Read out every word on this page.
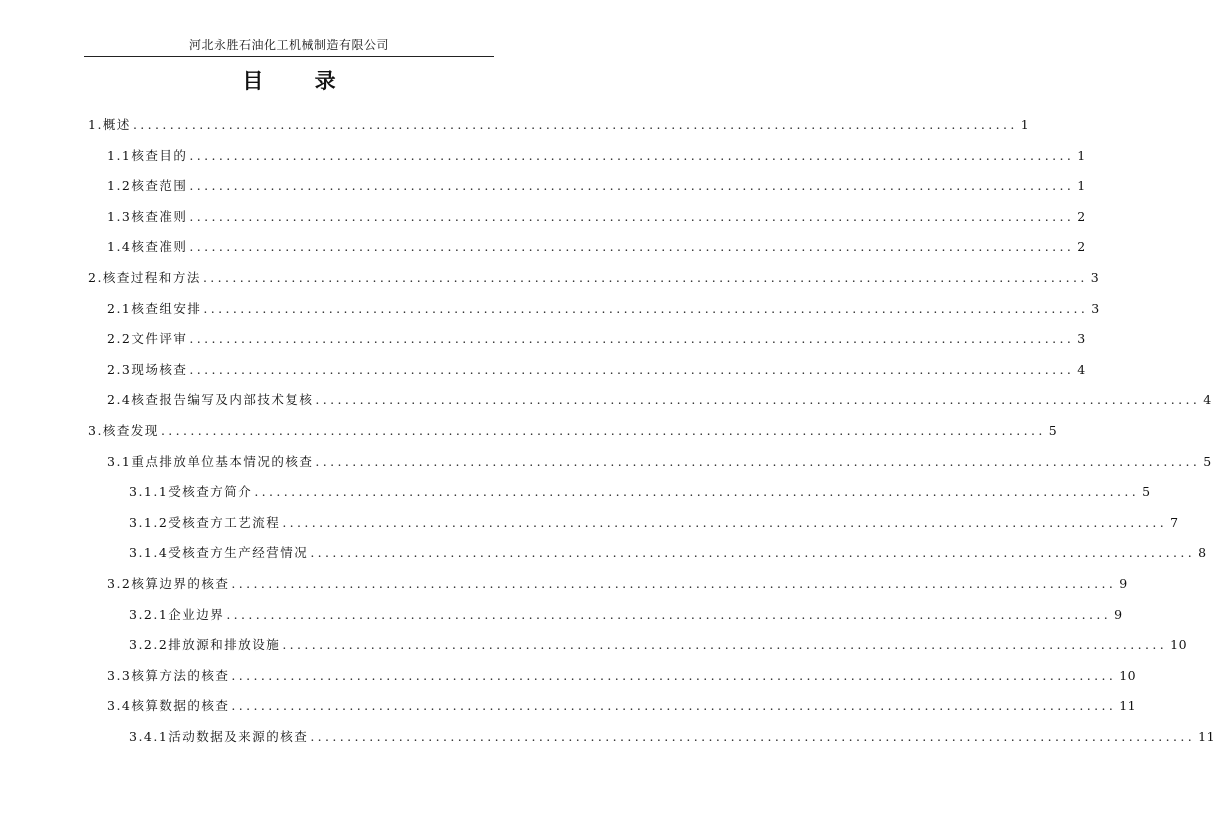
河北永胜石油化工机械制造有限公司
目 录
1.概述 ........................................................................................................................ 1
1.1核查目的 ........................................................................................................................ 1
1.2核查范围 ........................................................................................................................ 1
1.3核查准则 ........................................................................................................................ 2
1.4核查准则 ........................................................................................................................ 2
2.核查过程和方法 ........................................................................................................................ 3
2.1核查组安排 ........................................................................................................................ 3
2.2文件评审 ........................................................................................................................ 3
2.3现场核查 ........................................................................................................................ 4
2.4核查报告编写及内部技术复核 ........................................................................................................................ 4
3.核查发现 ........................................................................................................................ 5
3.1重点排放单位基本情况的核查 ........................................................................................................................ 5
3.1.1受核查方简介 ........................................................................................................................ 5
3.1.2受核查方工艺流程 ........................................................................................................................ 7
3.1.4受核查方生产经营情况 ........................................................................................................................ 8
3.2核算边界的核查 ........................................................................................................................ 9
3.2.1企业边界 ........................................................................................................................ 9
3.2.2排放源和排放设施 ........................................................................................................................ 10
3.3核算方法的核查 ........................................................................................................................ 10
3.4核算数据的核查 ........................................................................................................................ 11
3.4.1活动数据及来源的核查 ........................................................................................................................ 11
